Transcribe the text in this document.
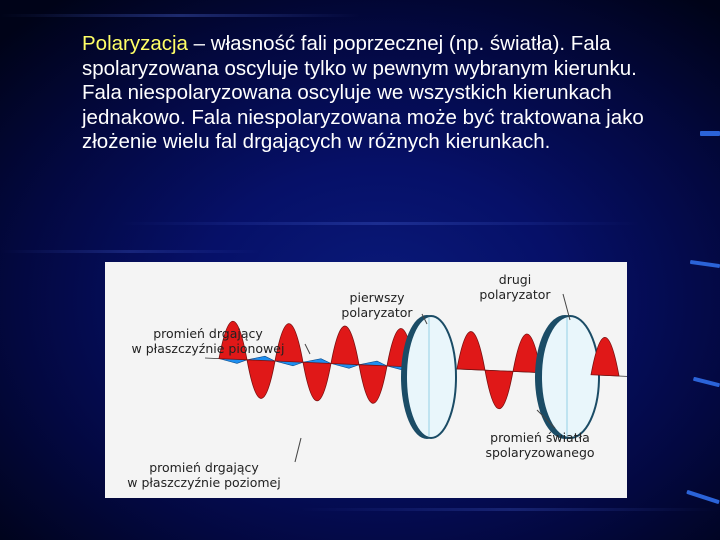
Polaryzacja – własność fali poprzecznej (np. światła). Fala spolaryzowana oscyluje tylko w pewnym wybranym kierunku. Fala niespolaryzowana oscyluje we wszystkich kierunkach jednakowo. Fala niespolaryzowana może być traktowana jako złożenie wielu fal drgających w różnych kierunkach.
promień drgający
w płaszczyźnie pionowej
promień drgający
w płaszczyźnie poziomej
pierwszy
polaryzator
drugi
polaryzator
promień światła
spolaryzowanego
